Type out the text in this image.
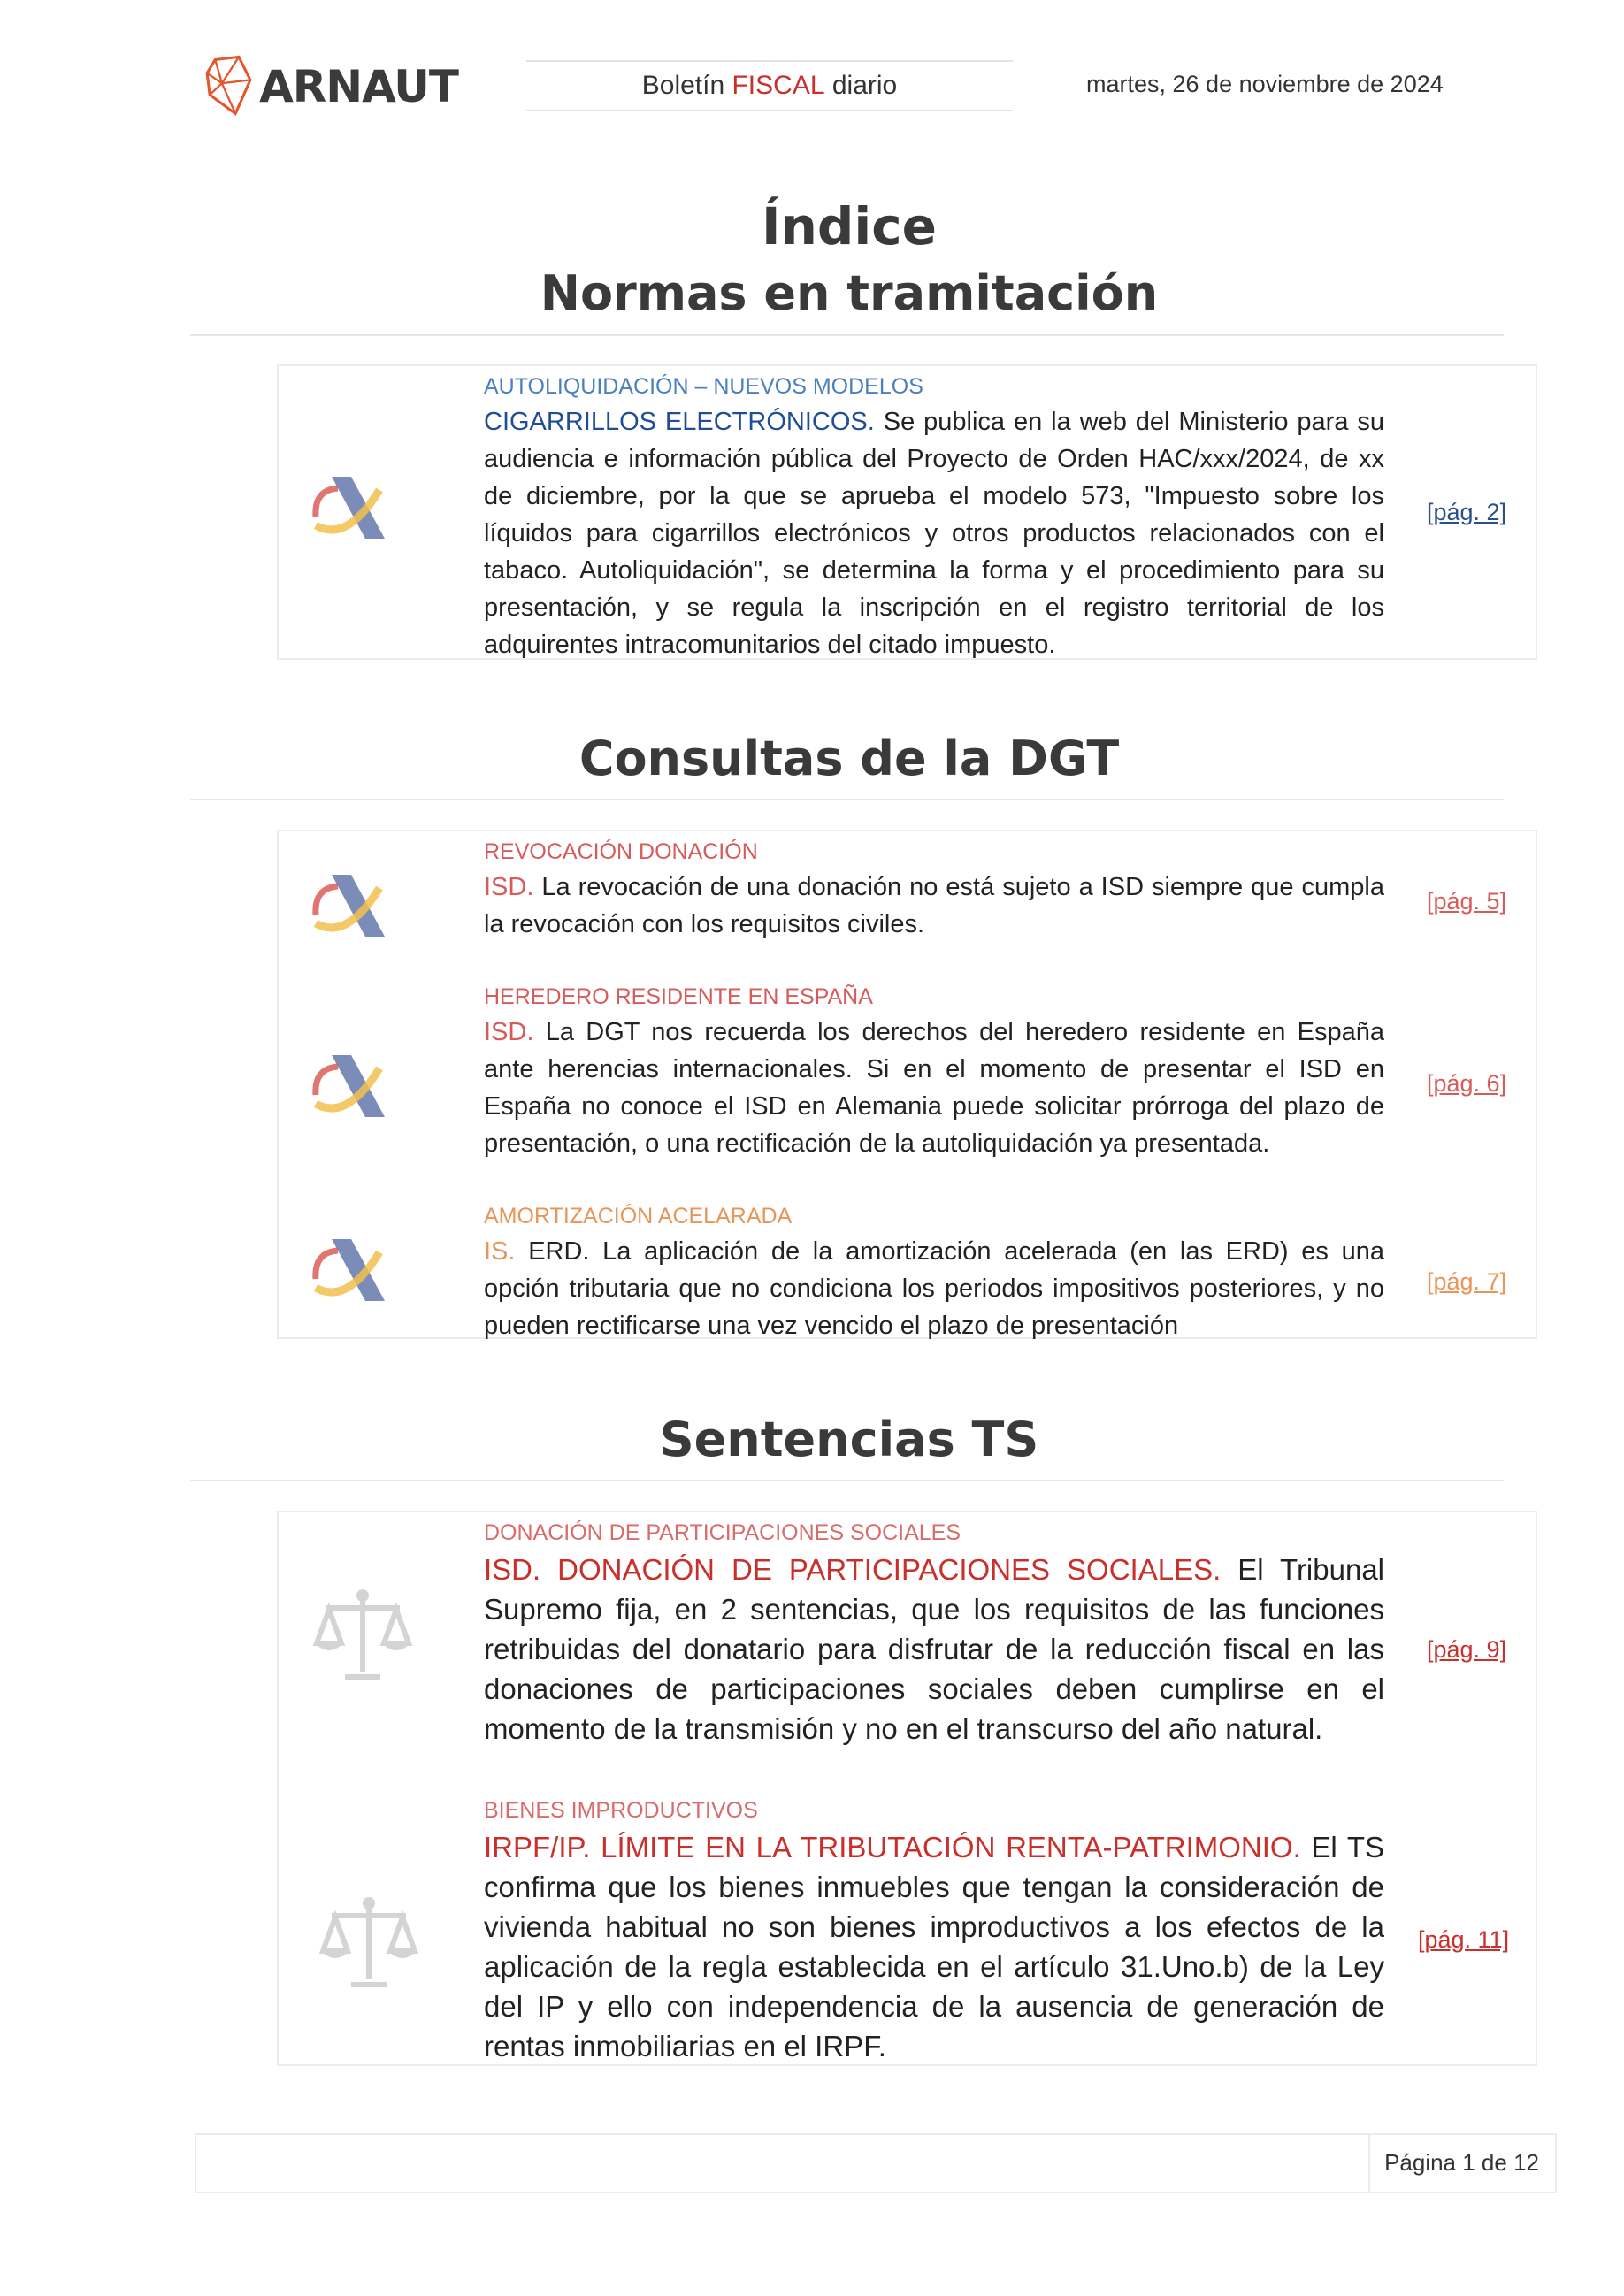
ARNAUT	Boletín FISCAL diario	martes, 26 de noviembre de 2024
Índice
Normas en tramitación
AUTOLIQUIDACIÓN – NUEVOS MODELOS
CIGARRILLOS ELECTRÓNICOS. Se publica en la web del Ministerio para su audiencia e información pública del Proyecto de Orden HAC/xxx/2024, de xx de diciembre, por la que se aprueba el modelo 573, "Impuesto sobre los líquidos para cigarrillos electrónicos y otros productos relacionados con el tabaco. Autoliquidación", se determina la forma y el procedimiento para su presentación, y se regula la inscripción en el registro territorial de los adquirentes intracomunitarios del citado impuesto.
[pág. 2]
Consultas de la DGT
REVOCACIÓN DONACIÓN
ISD. La revocación de una donación no está sujeto a ISD siempre que cumpla la revocación con los requisitos civiles.
[pág. 5]
HEREDERO RESIDENTE EN ESPAÑA
ISD. La DGT nos recuerda los derechos del heredero residente en España ante herencias internacionales. Si en el momento de presentar el ISD en España no conoce el ISD en Alemania puede solicitar prórroga del plazo de presentación, o una rectificación de la autoliquidación ya presentada.
[pág. 6]
AMORTIZACIÓN ACELARADA
IS. ERD. La aplicación de la amortización acelerada (en las ERD) es una opción tributaria que no condiciona los periodos impositivos posteriores, y no pueden rectificarse una vez vencido el plazo de presentación
[pág. 7]
Sentencias TS
DONACIÓN DE PARTICIPACIONES SOCIALES
ISD. DONACIÓN DE PARTICIPACIONES SOCIALES. El Tribunal Supremo fija, en 2 sentencias, que los requisitos de las funciones retribuidas del donatario para disfrutar de la reducción fiscal en las donaciones de participaciones sociales deben cumplirse en el momento de la transmisión y no en el transcurso del año natural.
[pág. 9]
BIENES IMPRODUCTIVOS
IRPF/IP. LÍMITE EN LA TRIBUTACIÓN RENTA-PATRIMONIO. El TS confirma que los bienes inmuebles que tengan la consideración de vivienda habitual no son bienes improductivos a los efectos de la aplicación de la regla establecida en el artículo 31.Uno.b) de la Ley del IP y ello con independencia de la ausencia de generación de rentas inmobiliarias en el IRPF.
[pág. 11]
Página 1 de 12
